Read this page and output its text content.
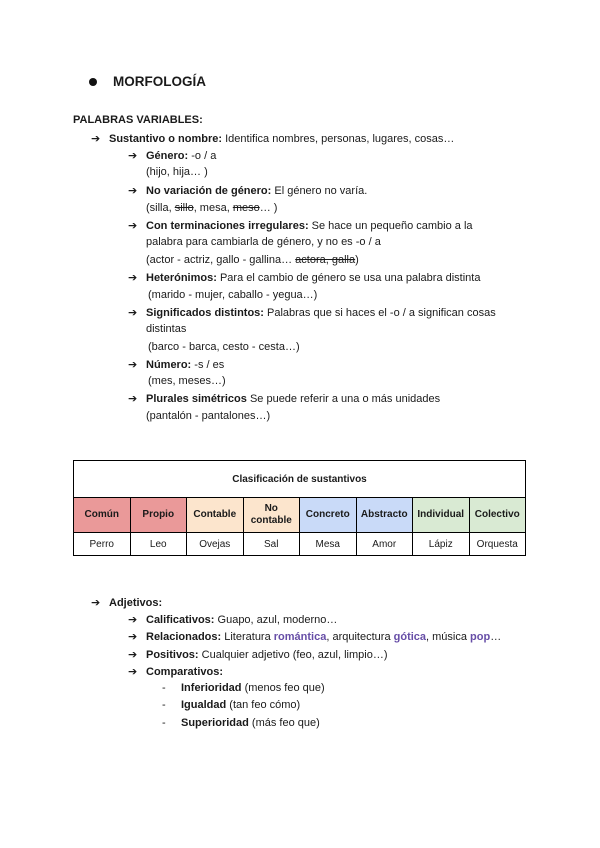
MORFOLOGÍA
PALABRAS VARIABLES:
➔ Sustantivo o nombre: Identifica nombres, personas, lugares, cosas…
➔ Género: -o / a
(hijo, hija… )
➔ No variación de género: El género no varía.
(silla, sillo, mesa, meso… )
➔ Con terminaciones irregulares: Se hace un pequeño cambio a la
palabra para cambiarla de género, y no es -o / a
(actor - actriz, gallo - gallina… actora, galla)
➔ Heterónimos: Para el cambio de género se usa una palabra distinta
(marido - mujer, caballo - yegua…)
➔ Significados distintos: Palabras que si haces el -o / a significan cosas
distintas
(barco - barca, cesto - cesta…)
➔ Número: -s / es
(mes, meses…)
➔ Plurales simétricos Se puede referir a una o más unidades
(pantalón - pantalones…)
Clasificación de sustantivos							
Común	Propio	Contable	No contable	Concreto	Abstracto	Individual	Colectivo
Perro	Leo	Ovejas	Sal	Mesa	Amor	Lápiz	Orquesta
➔ Adjetivos:
➔ Calificativos: Guapo, azul, moderno…
➔ Relacionados: Literatura romántica, arquitectura gótica, música pop…
➔ Positivos: Cualquier adjetivo (feo, azul, limpio…)
➔ Comparativos:
- Inferioridad (menos feo que)
- Igualdad (tan feo cómo)
- Superioridad (más feo que)
